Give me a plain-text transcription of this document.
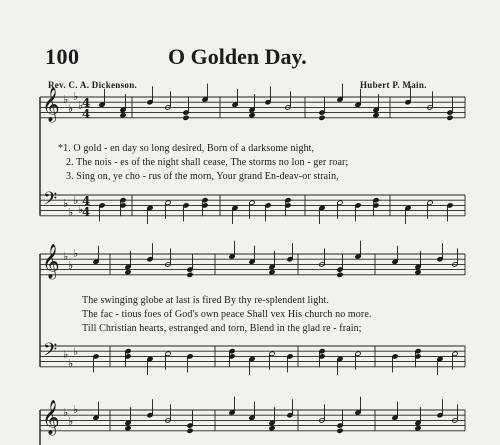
100	O Golden Day.
Rev. C. A. Dickenson.	Hubert P. Main.
𝄞
𝄢
♭
♭
♭
♭
♭
♭
♭
♭
4
4
4
4
𝄞
𝄢
♭
♭
♭
♭
♭
♭
𝄞 ♭
♭
♭
*1. O gold - en day so long desired, Born of a darksome night,
2. The nois - es of the night shall cease, The storms no lon - ger roar;
3. Sing on, ye cho - rus of the morn, Your grand En-deav-or strain,
The swinging globe at last is fired By thy re-splendent light.
The fac - tious foes of God's own peace Shall vex His church no more.
Till Christian hearts, estranged and torn, Blend in the glad re - frain;
